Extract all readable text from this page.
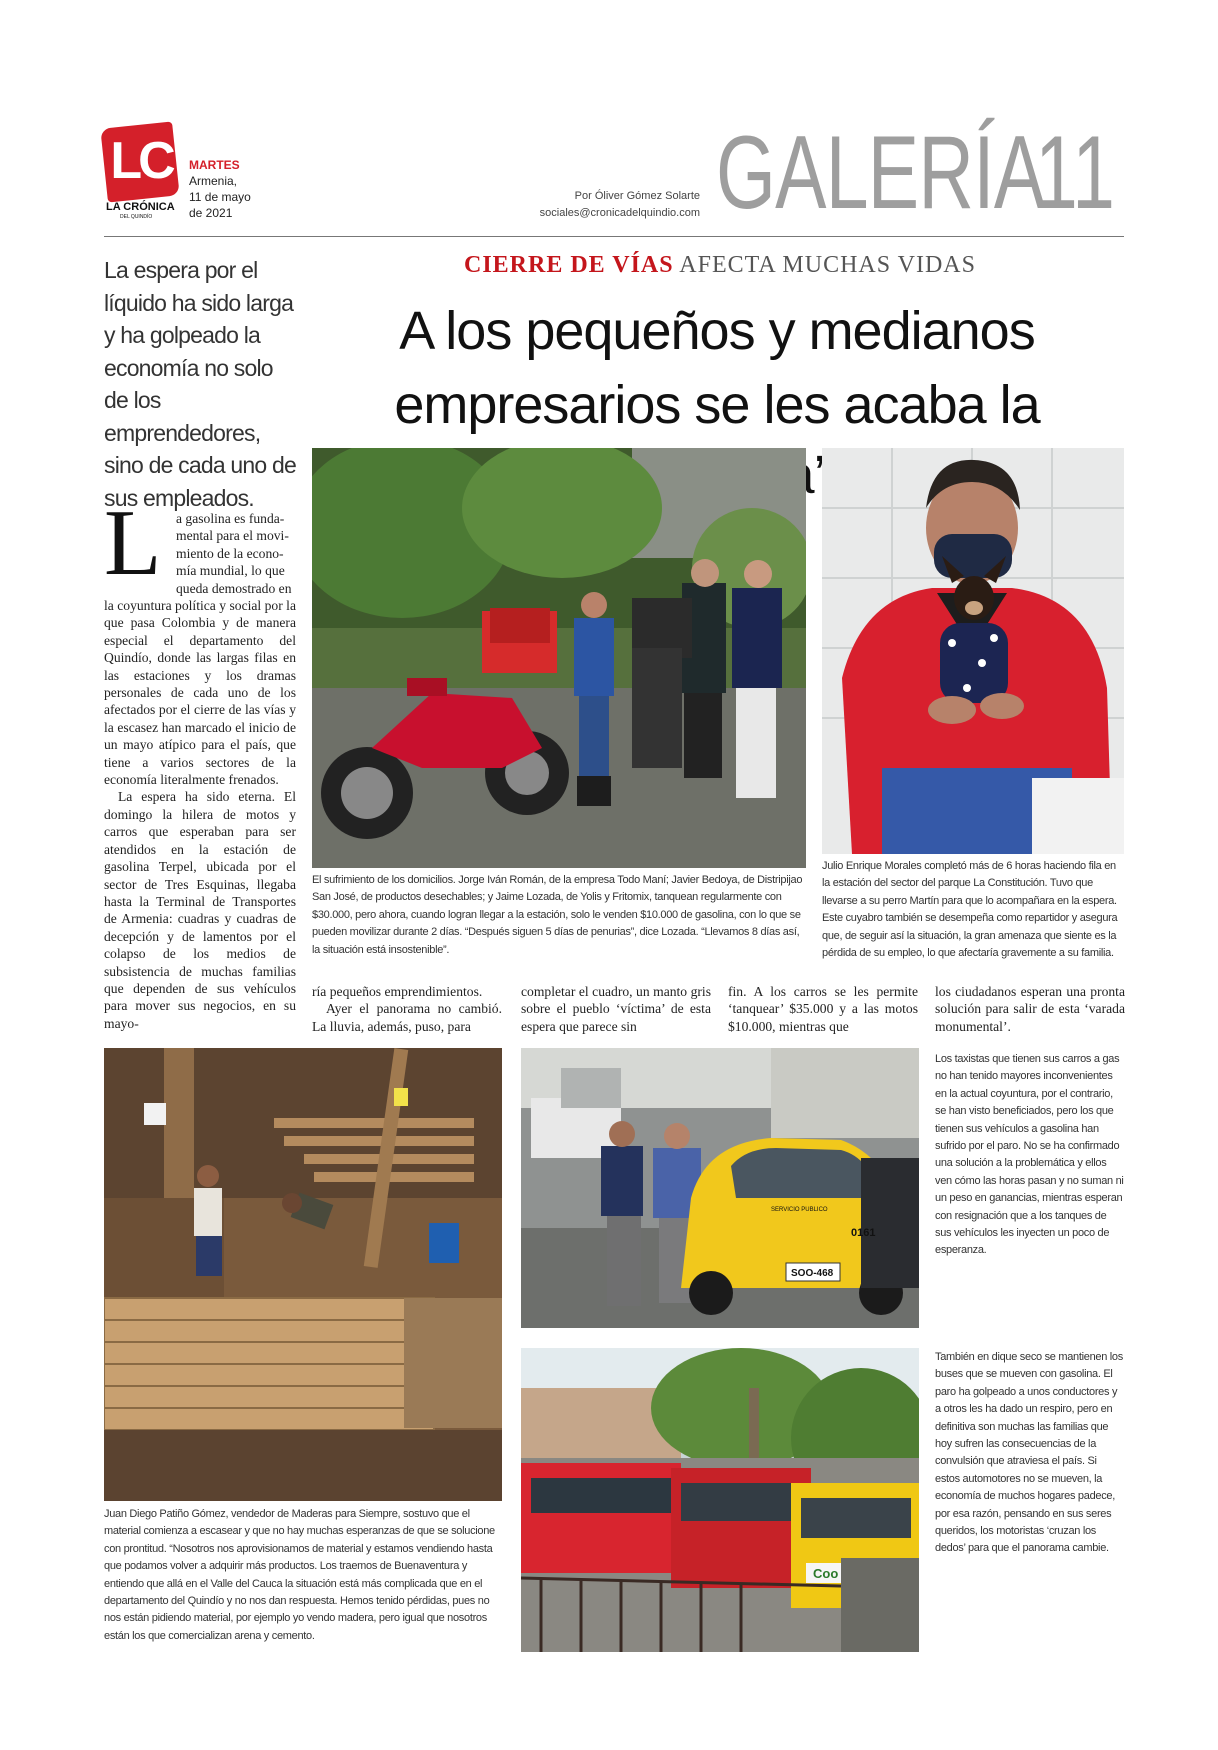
LC
LA CRÓNICA
DEL QUINDÍO
MARTES
Armenia,
11 de mayo
de 2021
Por Óliver Gómez Solarte
sociales@cronicadelquindio.com GALERÍA
11
CIERRE DE VÍAS AFECTA MUCHAS VIDAS
A los pequeños y medianos
empresarios se les acaba la
La espera por el líquido ha sido larga y ha golpeado la economía no solo de los emprendedores, sino de cada uno de sus empleados.
L a gasolina es funda-
mental para el movi-
miento de la econo-
mía mundial, lo que
queda demostrado en

la coyuntura política y social por la que pasa Colombia y de manera especial el departamento del Quindío, donde las largas filas en las estaciones y los dramas personales de cada uno de los afectados por el cierre de las vías y la escasez han marcado el inicio de un mayo atípico para el país, que tiene a varios sectores de la economía literalmente frenados.

La espera ha sido eterna. El domingo la hilera de motos y carros que esperaban para ser atendidos en la estación de gasolina Terpel, ubicada por el sector de Tres Esquinas, llegaba hasta la Terminal de Transportes de Armenia: cuadras y cuadras de decepción y de lamentos por el colapso de los medios de subsistencia de muchas familias que dependen de sus vehículos para mover sus negocios, en su mayo-

ría pequeños emprendimientos.

Ayer el panorama no cambió. La lluvia, además, puso, para

completar el cuadro, un manto gris sobre el pueblo ‘víctima’ de esta espera que parece sin
fin. A los carros se les permite ‘tanquear’ $35.000 y a las motos $10.000, mientras que
los ciudadanos esperan una pronta solución para salir de esta ‘varada monumental’.
El sufrimiento de los domicilios. Jorge Iván Román, de la empresa Todo Maní; Javier Bedoya, de Distripijao San José, de productos desechables; y Jaime Lozada, de Yolis y Fritomix, tanquean regularmente con $30.000, pero ahora, cuando logran llegar a la estación, solo le venden $10.000 de gasolina, con lo que se pueden movilizar durante 2 días. “Después siguen 5 días de penurias”, dice Lozada. “Llevamos 8 días así, la situación está insostenible”.
Julio Enrique Morales completó más de 6 horas haciendo fila en la estación del sector del parque La Constitución. Tuvo que llevarse a su perro Martín para que lo acompañara en la espera. Este cuyabro también se desempeña como repartidor y asegura que, de seguir así la situación, la gran amenaza que siente es la pérdida de su empleo, lo que afectaría gravemente a su familia.
Juan Diego Patiño Gómez, vendedor de Maderas para Siempre, sostuvo que el material comienza a escasear y que no hay muchas esperanzas de que se solucione con prontitud. “Nosotros nos aprovisionamos de material y estamos vendiendo hasta que podamos volver a adquirir más productos. Los traemos de Buenaventura y entiendo que allá en el Valle del Cauca la situación está más complicada que en el departamento del Quindío y no nos dan respuesta. Hemos tenido pérdidas, pues no nos están pidiendo material, por ejemplo yo vendo madera, pero igual que nosotros están los que comercializan arena y cemento.
SOO-468
0161
SERVICIO PUBLICO
Los taxistas que tienen sus carros a gas no han tenido mayores inconvenientes en la actual coyuntura, por el contrario, se han visto beneficiados, pero los que tienen sus vehículos a gasolina han sufrido por el paro. No se ha confirmado una solución a la problemática y ellos ven cómo las horas pasan y no suman ni un peso en ganancias, mientras esperan con resignación que a los tanques de sus vehículos les inyecten un poco de esperanza.
Coo
También en dique seco se mantienen los buses que se mueven con gasolina. El paro ha golpeado a unos conductores y a otros les ha dado un respiro, pero en definitiva son muchas las familias que hoy sufren las consecuencias de la convulsión que atraviesa el país. Si estos automotores no se mueven, la economía de muchos hogares padece, por esa razón, pensando en sus seres queridos, los motoristas ‘cruzan los dedos’ para que el panorama cambie.
